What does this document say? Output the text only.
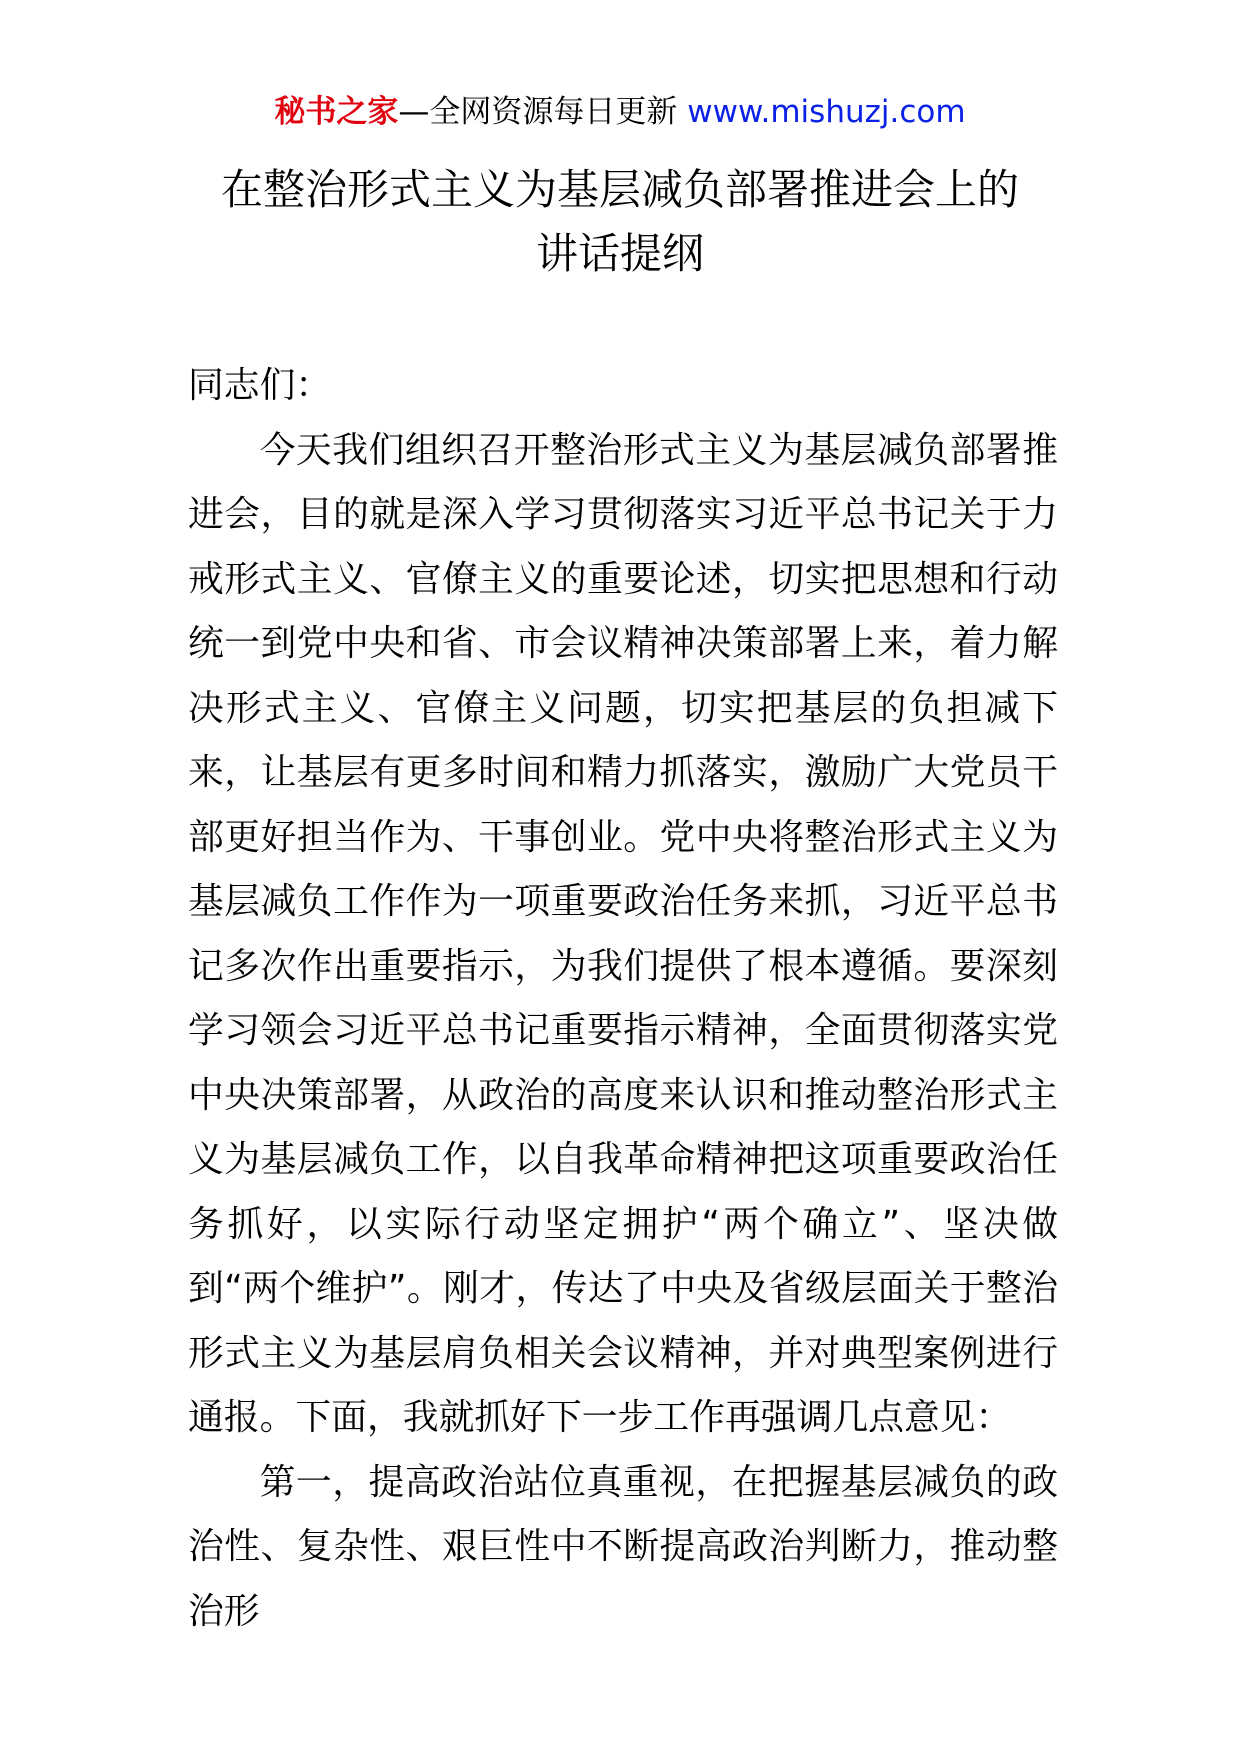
秘书之家—全网资源每日更新 www.mishuzj.com
在整治形式主义为基层减负部署推进会上的
讲话提纲

同志们：

今天我们组织召开整治形式主义为基层减负部署推进会，目的就是深入学习贯彻落实习近平总书记关于力戒形式主义、官僚主义的重要论述，切实把思想和行动统一到党中央和省、市会议精神决策部署上来，着力解决形式主义、官僚主义问题，切实把基层的负担减下来，让基层有更多时间和精力抓落实，激励广大党员干部更好担当作为、干事创业。党中央将整治形式主义为基层减负工作作为一项重要政治任务来抓，习近平总书记多次作出重要指示，为我们提供了根本遵循。要深刻学习领会习近平总书记重要指示精神，全面贯彻落实党中央决策部署，从政治的高度来认识和推动整治形式主义为基层减负工作，以自我革命精神把这项重要政治任务抓好，以实际行动坚定拥护“两个确立”、坚决做到“两个维护”。刚才，传达了中央及省级层面关于整治形式主义为基层肩负相关会议精神，并对典型案例进行通报。下面，我就抓好下一步工作再强调几点意见：

第一，提高政治站位真重视，在把握基层减负的政治性、复杂性、艰巨性中不断提高政治判断力，推动整治形
